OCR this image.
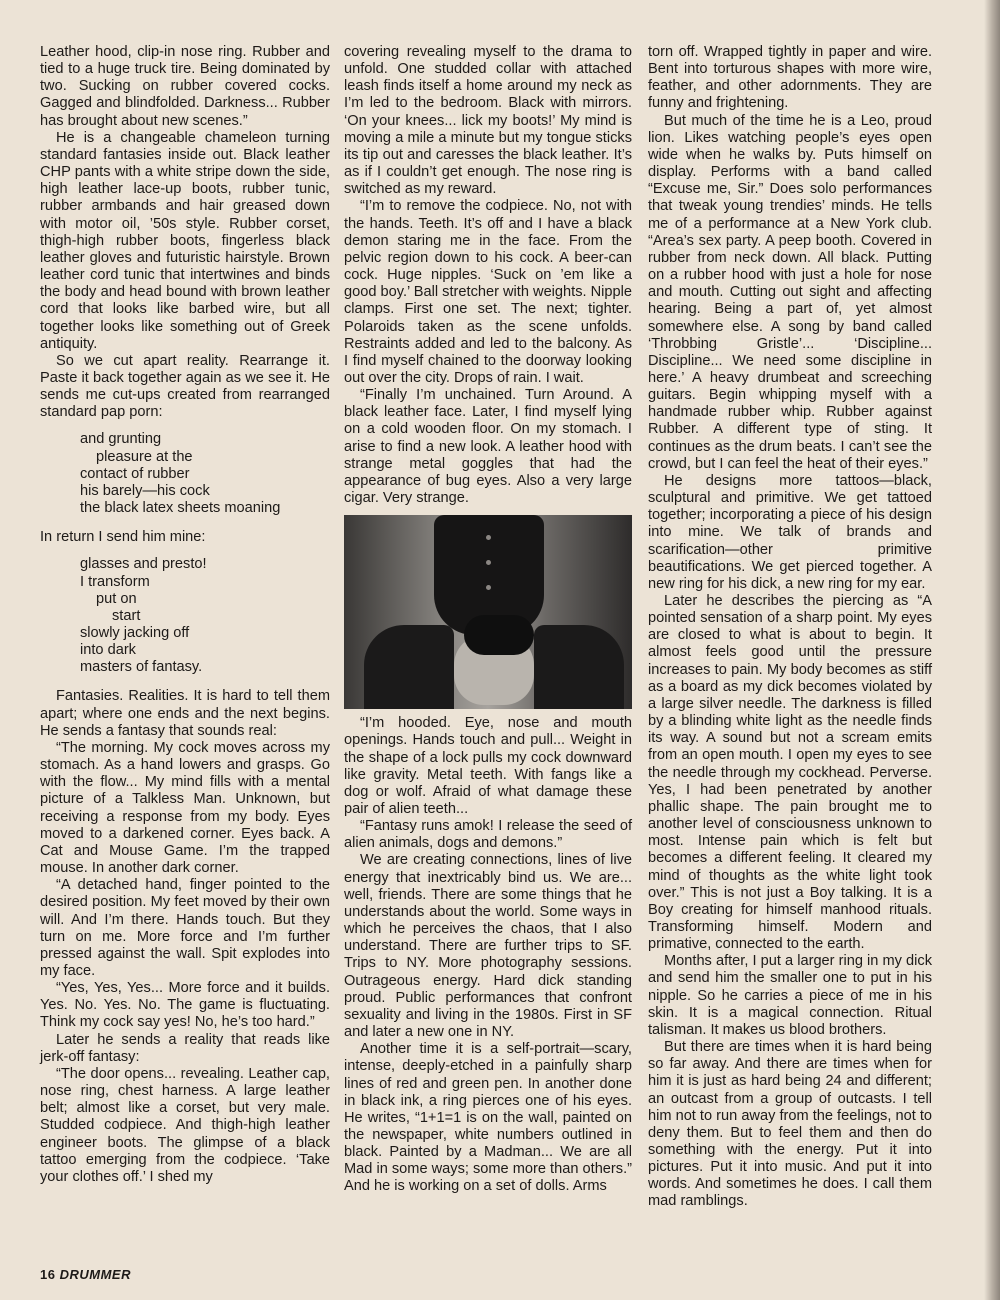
Leather hood, clip-in nose ring. Rubber and tied to a huge truck tire. Being dominated by two. Sucking on rubber covered cocks. Gagged and blindfolded. Darkness... Rubber has brought about new scenes.”

He is a changeable chameleon turning standard fantasies inside out. Black leather CHP pants with a white stripe down the side, high leather lace-up boots, rubber tunic, rubber armbands and hair greased down with motor oil, ’50s style. Rubber corset, thigh-high rubber boots, fingerless black leather gloves and futuristic hairstyle. Brown leather cord tunic that intertwines and binds the body and head bound with brown leather cord that looks like barbed wire, but all together looks like something out of Greek antiquity.

So we cut apart reality. Rearrange it. Paste it back together again as we see it. He sends me cut-ups created from rearranged standard pap porn:

and grunting
pleasure at the
contact of rubber
his barely—his cock
the black latex sheets moaning

In return I send him mine:

glasses and presto!
I transform
put on
start
slowly jacking off
into dark
masters of fantasy.

Fantasies. Realities. It is hard to tell them apart; where one ends and the next begins. He sends a fantasy that sounds real:

“The morning. My cock moves across my stomach. As a hand lowers and grasps. Go with the flow... My mind fills with a mental picture of a Talkless Man. Unknown, but receiving a response from my body. Eyes moved to a darkened corner. Eyes back. A Cat and Mouse Game. I’m the trapped mouse. In another dark corner.

“A detached hand, finger pointed to the desired position. My feet moved by their own will. And I’m there. Hands touch. But they turn on me. More force and I’m further pressed against the wall. Spit explodes into my face.

“Yes, Yes, Yes... More force and it builds. Yes. No. Yes. No. The game is fluctuating. Think my cock say yes! No, he’s too hard.”

Later he sends a reality that reads like jerk-off fantasy:

“The door opens... revealing. Leather cap, nose ring, chest harness. A large leather belt; almost like a corset, but very male. Studded codpiece. And thigh-high leather engineer boots. The glimpse of a black tattoo emerging from the codpiece. ‘Take your clothes off.’ I shed my

covering revealing myself to the drama to unfold. One studded collar with attached leash finds itself a home around my neck as I’m led to the bedroom. Black with mirrors. ‘On your knees... lick my boots!’ My mind is moving a mile a minute but my tongue sticks its tip out and caresses the black leather. It’s as if I couldn’t get enough. The nose ring is switched as my reward.

“I’m to remove the codpiece. No, not with the hands. Teeth. It’s off and I have a black demon staring me in the face. From the pelvic region down to his cock. A beer-can cock. Huge nipples. ‘Suck on ’em like a good boy.’ Ball stretcher with weights. Nipple clamps. First one set. The next; tighter. Polaroids taken as the scene unfolds. Restraints added and led to the balcony. As I find myself chained to the doorway looking out over the city. Drops of rain. I wait.

“Finally I’m unchained. Turn Around. A black leather face. Later, I find myself lying on a cold wooden floor. On my stomach. I arise to find a new look. A leather hood with strange metal goggles that had the appearance of bug eyes. Also a very large cigar. Very strange.

“I’m hooded. Eye, nose and mouth openings. Hands touch and pull... Weight in the shape of a lock pulls my cock downward like gravity. Metal teeth. With fangs like a dog or wolf. Afraid of what damage these pair of alien teeth...

“Fantasy runs amok! I release the seed of alien animals, dogs and demons.”

We are creating connections, lines of live energy that inextricably bind us. We are... well, friends. There are some things that he understands about the world. Some ways in which he perceives the chaos, that I also understand. There are further trips to SF. Trips to NY. More photography sessions. Outrageous energy. Hard dick standing proud. Public performances that confront sexuality and living in the 1980s. First in SF and later a new one in NY.

Another time it is a self-portrait—scary, intense, deeply-etched in a painfully sharp lines of red and green pen. In another done in black ink, a ring pierces one of his eyes. He writes, “1+1=1 is on the wall, painted on the newspaper, white numbers outlined in black. Painted by a Madman... We are all Mad in some ways; some more than others.” And he is working on a set of dolls. Arms

torn off. Wrapped tightly in paper and wire. Bent into torturous shapes with more wire, feather, and other adornments. They are funny and frightening.

But much of the time he is a Leo, proud lion. Likes watching people’s eyes open wide when he walks by. Puts himself on display. Performs with a band called “Excuse me, Sir.” Does solo performances that tweak young trendies’ minds. He tells me of a performance at a New York club. “Area’s sex party. A peep booth. Covered in rubber from neck down. All black. Putting on a rubber hood with just a hole for nose and mouth. Cutting out sight and affecting hearing. Being a part of, yet almost somewhere else. A song by band called ‘Throbbing Gristle’... ‘Discipline... Discipline... We need some discipline in here.’ A heavy drumbeat and screeching guitars. Begin whipping myself with a handmade rubber whip. Rubber against Rubber. A different type of sting. It continues as the drum beats. I can’t see the crowd, but I can feel the heat of their eyes.”

He designs more tattoos—black, sculptural and primitive. We get tattoed together; incorporating a piece of his design into mine. We talk of brands and scarification—other primitive beautifications. We get pierced together. A new ring for his dick, a new ring for my ear.

Later he describes the piercing as “A pointed sensation of a sharp point. My eyes are closed to what is about to begin. It almost feels good until the pressure increases to pain. My body becomes as stiff as a board as my dick becomes violated by a large silver needle. The darkness is filled by a blinding white light as the needle finds its way. A sound but not a scream emits from an open mouth. I open my eyes to see the needle through my cockhead. Perverse. Yes, I had been penetrated by another phallic shape. The pain brought me to another level of consciousness unknown to most. Intense pain which is felt but becomes a different feeling. It cleared my mind of thoughts as the white light took over.” This is not just a Boy talking. It is a Boy creating for himself manhood rituals. Transforming himself. Modern and primative, connected to the earth.

Months after, I put a larger ring in my dick and send him the smaller one to put in his nipple. So he carries a piece of me in his skin. It is a magical connection. Ritual talisman. It makes us blood brothers.

But there are times when it is hard being so far away. And there are times when for him it is just as hard being 24 and different; an outcast from a group of outcasts. I tell him not to run away from the feelings, not to deny them. But to feel them and then do something with the energy. Put it into pictures. Put it into music. And put it into words. And sometimes he does. I call them mad ramblings.

16 DRUMMER
